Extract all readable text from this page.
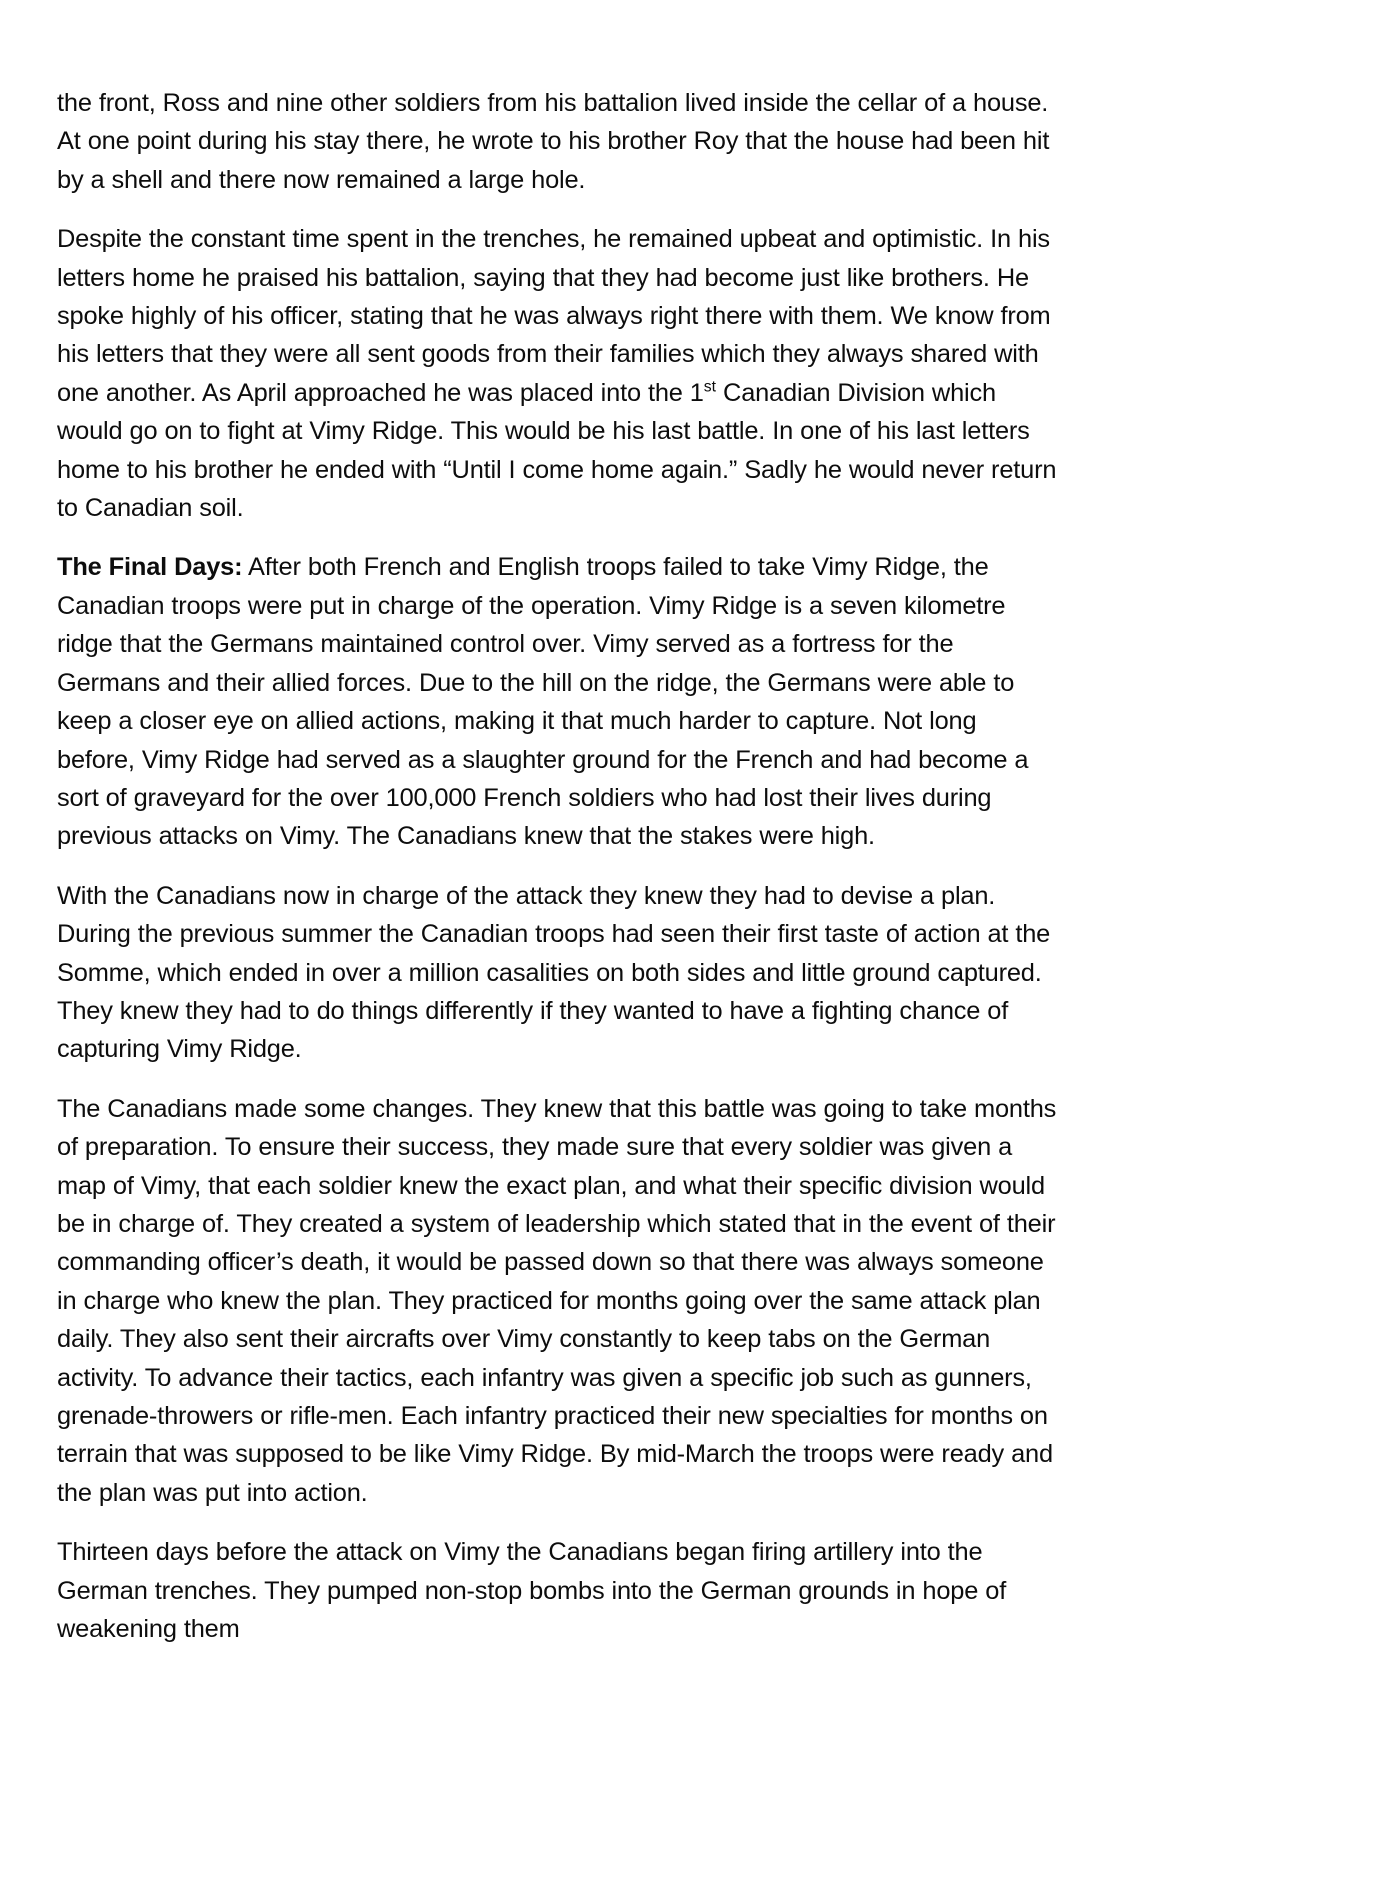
the front, Ross and nine other soldiers from his battalion lived inside the cellar of a house. At one point during his stay there, he wrote to his brother Roy that the house had been hit by a shell and there now remained a large hole.

Despite the constant time spent in the trenches, he remained upbeat and optimistic. In his letters home he praised his battalion, saying that they had become just like brothers. He spoke highly of his officer, stating that he was always right there with them. We know from his letters that they were all sent goods from their families which they always shared with one another. As April approached he was placed into the 1st Canadian Division which would go on to fight at Vimy Ridge. This would be his last battle. In one of his last letters home to his brother he ended with “Until I come home again.” Sadly he would never return to Canadian soil.

The Final Days: After both French and English troops failed to take Vimy Ridge, the Canadian troops were put in charge of the operation. Vimy Ridge is a seven kilometre ridge that the Germans maintained control over. Vimy served as a fortress for the Germans and their allied forces. Due to the hill on the ridge, the Germans were able to keep a closer eye on allied actions, making it that much harder to capture. Not long before, Vimy Ridge had served as a slaughter ground for the French and had become a sort of graveyard for the over 100,000 French soldiers who had lost their lives during previous attacks on Vimy. The Canadians knew that the stakes were high.

With the Canadians now in charge of the attack they knew they had to devise a plan. During the previous summer the Canadian troops had seen their first taste of action at the Somme, which ended in over a million casalities on both sides and little ground captured. They knew they had to do things differently if they wanted to have a fighting chance of capturing Vimy Ridge.

The Canadians made some changes. They knew that this battle was going to take months of preparation. To ensure their success, they made sure that every soldier was given a map of Vimy, that each soldier knew the exact plan, and what their specific division would be in charge of. They created a system of leadership which stated that in the event of their commanding officer’s death, it would be passed down so that there was always someone in charge who knew the plan. They practiced for months going over the same attack plan daily. They also sent their aircrafts over Vimy constantly to keep tabs on the German activity. To advance their tactics, each infantry was given a specific job such as gunners, grenade-throwers or rifle-men. Each infantry practiced their new specialties for months on terrain that was supposed to be like Vimy Ridge. By mid-March the troops were ready and the plan was put into action.

Thirteen days before the attack on Vimy the Canadians began firing artillery into the German trenches. They pumped non-stop bombs into the German grounds in hope of weakening them
